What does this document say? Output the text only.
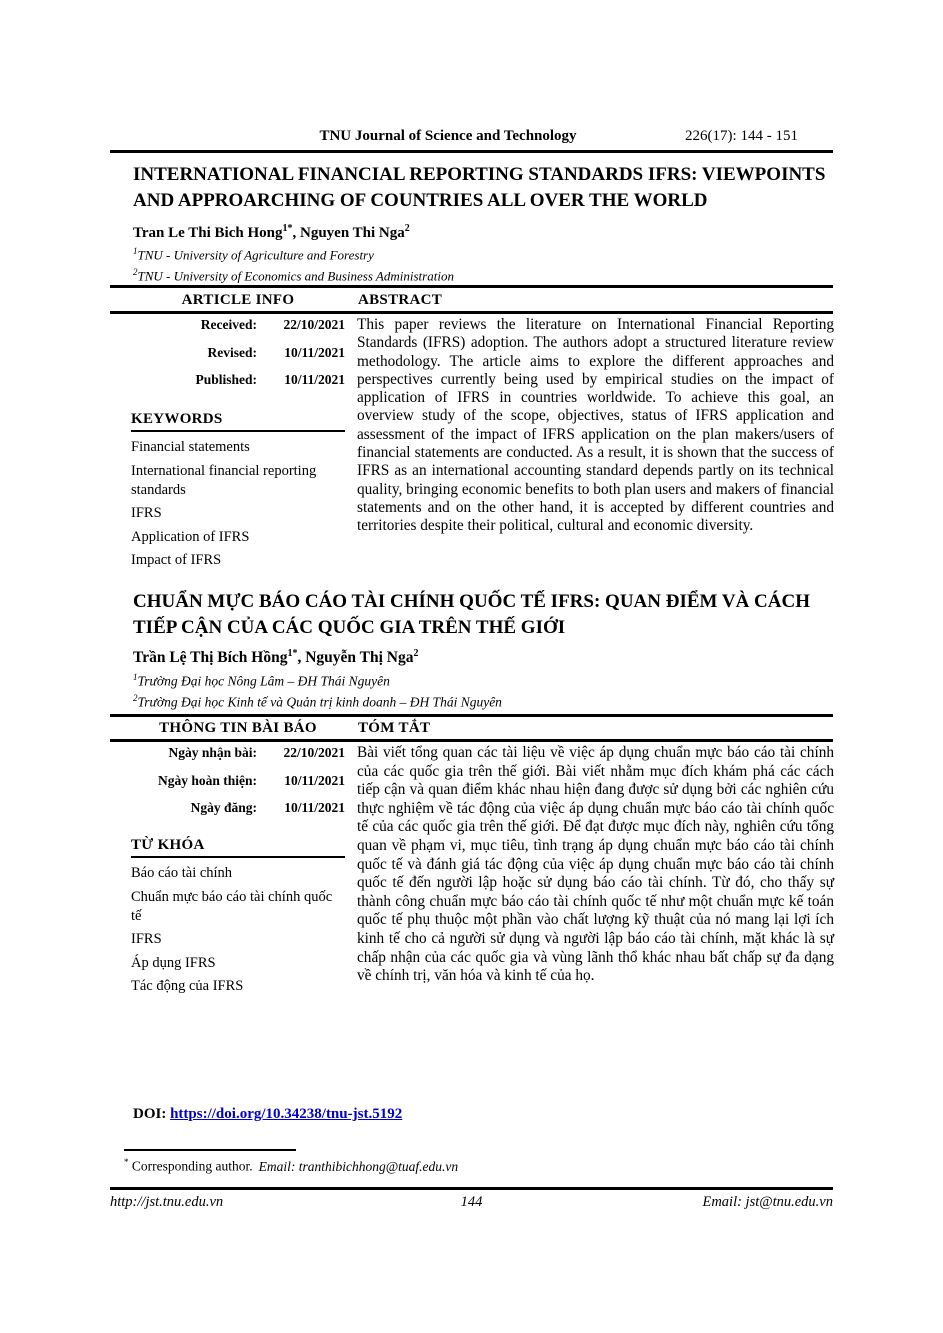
TNU Journal of Science and Technology	226(17): 144 - 151
INTERNATIONAL FINANCIAL REPORTING STANDARDS IFRS: VIEWPOINTS AND APPROARCHING OF COUNTRIES ALL OVER THE WORLD
Tran Le Thi Bich Hong$^{1*}$, Nguyen Thi Nga$^2$
$^1$TNU - University of Agriculture and Forestry
$^2$TNU - University of Economics and Business Administration
ARTICLE INFO	ABSTRACT
Received:	22/10/2021
Revised:	10/11/2021
Published:	10/11/2021
KEYWORDS
Financial statements
International financial reporting standards
IFRS
Application of IFRS
Impact of IFRS
This paper reviews the literature on International Financial Reporting Standards (IFRS) adoption. The authors adopt a structured literature review methodology. The article aims to explore the different approaches and perspectives currently being used by empirical studies on the impact of application of IFRS in countries worldwide. To achieve this goal, an overview study of the scope, objectives, status of IFRS application and assessment of the impact of IFRS application on the plan makers/users of financial statements are conducted. As a result, it is shown that the success of IFRS as an international accounting standard depends partly on its technical quality, bringing economic benefits to both plan users and makers of financial statements and on the other hand, it is accepted by different countries and territories despite their political, cultural and economic diversity.
CHUẨN MỰC BÁO CÁO TÀI CHÍNH QUỐC TẾ IFRS: QUAN ĐIỂM VÀ CÁCH TIẾP CẬN CỦA CÁC QUỐC GIA TRÊN THẾ GIỚI
Trần Lệ Thị Bích Hồng$^{1*}$, Nguyễn Thị Nga$^2$
$^1$Trường Đại học Nông Lâm – ĐH Thái Nguyên
$^2$Trường Đại học Kinh tế và Quản trị kinh doanh – ĐH Thái Nguyên
THÔNG TIN BÀI BÁO	TÓM TẮT
Ngày nhận bài:	22/10/2021
Ngày hoàn thiện:	10/11/2021
Ngày đăng:	10/11/2021
TỪ KHÓA
Báo cáo tài chính
Chuẩn mực báo cáo tài chính quốc tế
IFRS
Áp dụng IFRS
Tác động của IFRS
Bài viết tổng quan các tài liệu về việc áp dụng chuẩn mực báo cáo tài chính của các quốc gia trên thế giới. Bài viết nhằm mục đích khám phá các cách tiếp cận và quan điểm khác nhau hiện đang được sử dụng bởi các nghiên cứu thực nghiệm về tác động của việc áp dụng chuẩn mực báo cáo tài chính quốc tế của các quốc gia trên thế giới. Để đạt được mục đích này, nghiên cứu tổng quan về phạm vi, mục tiêu, tình trạng áp dụng chuẩn mực báo cáo tài chính quốc tế và đánh giá tác động của việc áp dụng chuẩn mực báo cáo tài chính quốc tế đến người lập hoặc sử dụng báo cáo tài chính. Từ đó, cho thấy sự thành công chuẩn mực báo cáo tài chính quốc tế như một chuẩn mực kế toán quốc tế phụ thuộc một phần vào chất lượng kỹ thuật của nó mang lại lợi ích kinh tế cho cả người sử dụng và người lập báo cáo tài chính, mặt khác là sự chấp nhận của các quốc gia và vùng lãnh thổ khác nhau bất chấp sự đa dạng về chính trị, văn hóa và kinh tế của họ.
DOI: https://doi.org/10.34238/tnu-jst.5192
* Corresponding author. Email: tranthibichhong@tuaf.edu.vn
http://jst.tnu.edu.vn	144	Email: jst@tnu.edu.vn
